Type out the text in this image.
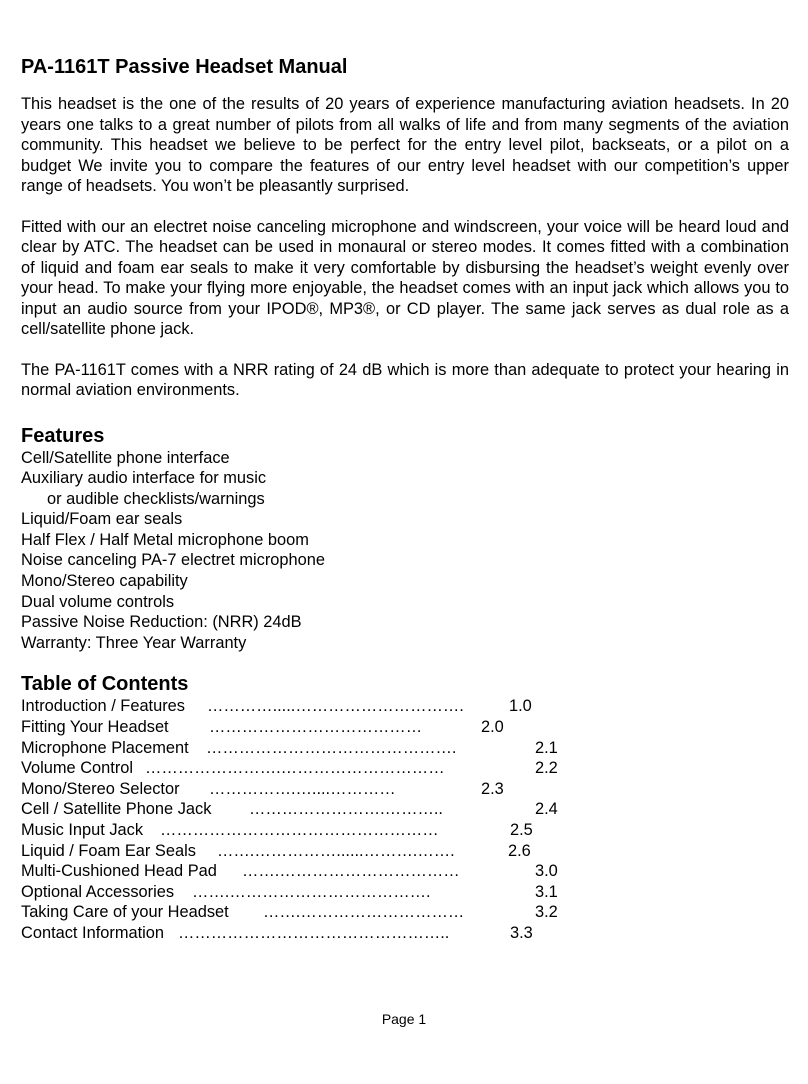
PA-1161T Passive Headset Manual

This headset is the one of the results of 20 years of experience manufacturing aviation headsets. In 20 years one talks to a great number of pilots from all walks of life and from many segments of the aviation community. This headset we believe to be perfect for the entry level pilot, backseats, or a pilot on a budget We invite you to compare the features of our entry level headset with our competition’s upper range of headsets. You won’t be pleasantly surprised.

Fitted with our an electret noise canceling microphone and windscreen, your voice will be heard loud and clear by ATC. The headset can be used in monaural or stereo modes. It comes fitted with a combination of liquid and foam ear seals to make it very comfortable by disbursing the headset’s weight evenly over your head. To make your flying more enjoyable, the headset comes with an input jack which allows you to input an audio source from your IPOD®, MP3®, or CD player. The same jack serves as dual role as a cell/satellite phone jack.

The PA-1161T comes with a NRR rating of 24 dB which is more than adequate to protect your hearing in normal aviation environments.

Features
Cell/Satellite phone interface
Auxiliary audio interface for music
or audible checklists/warnings
Liquid/Foam ear seals
Half Flex / Half Metal microphone boom
Noise canceling PA-7 electret microphone
Mono/Stereo capability
Dual volume controls
Passive Noise Reduction: (NRR) 24dB
Warranty: Three Year Warranty
Table of Contents
Introduction / Features ………….....………………………….	1.0
Fitting Your Headset …………………………………	2.0
Microphone Placement ……………………………………….	2.1
Volume Control …………………….…………………………	2.2
Mono/Stereo Selector …………….…....…………	2.3
Cell / Satellite Phone Jack …………………….………..	2.4
Music Input Jack ……………………………………………	2.5
Liquid / Foam Ear Seals …….……………......……….…….	2.6
Multi-Cushioned Head Pad …….……………………………	3.0
Optional Accessories …….……………………………….	3.1
Taking Care of your Headset …….…………………………	3.2
Contact Information …………………………………………..	3.3
Page 1
